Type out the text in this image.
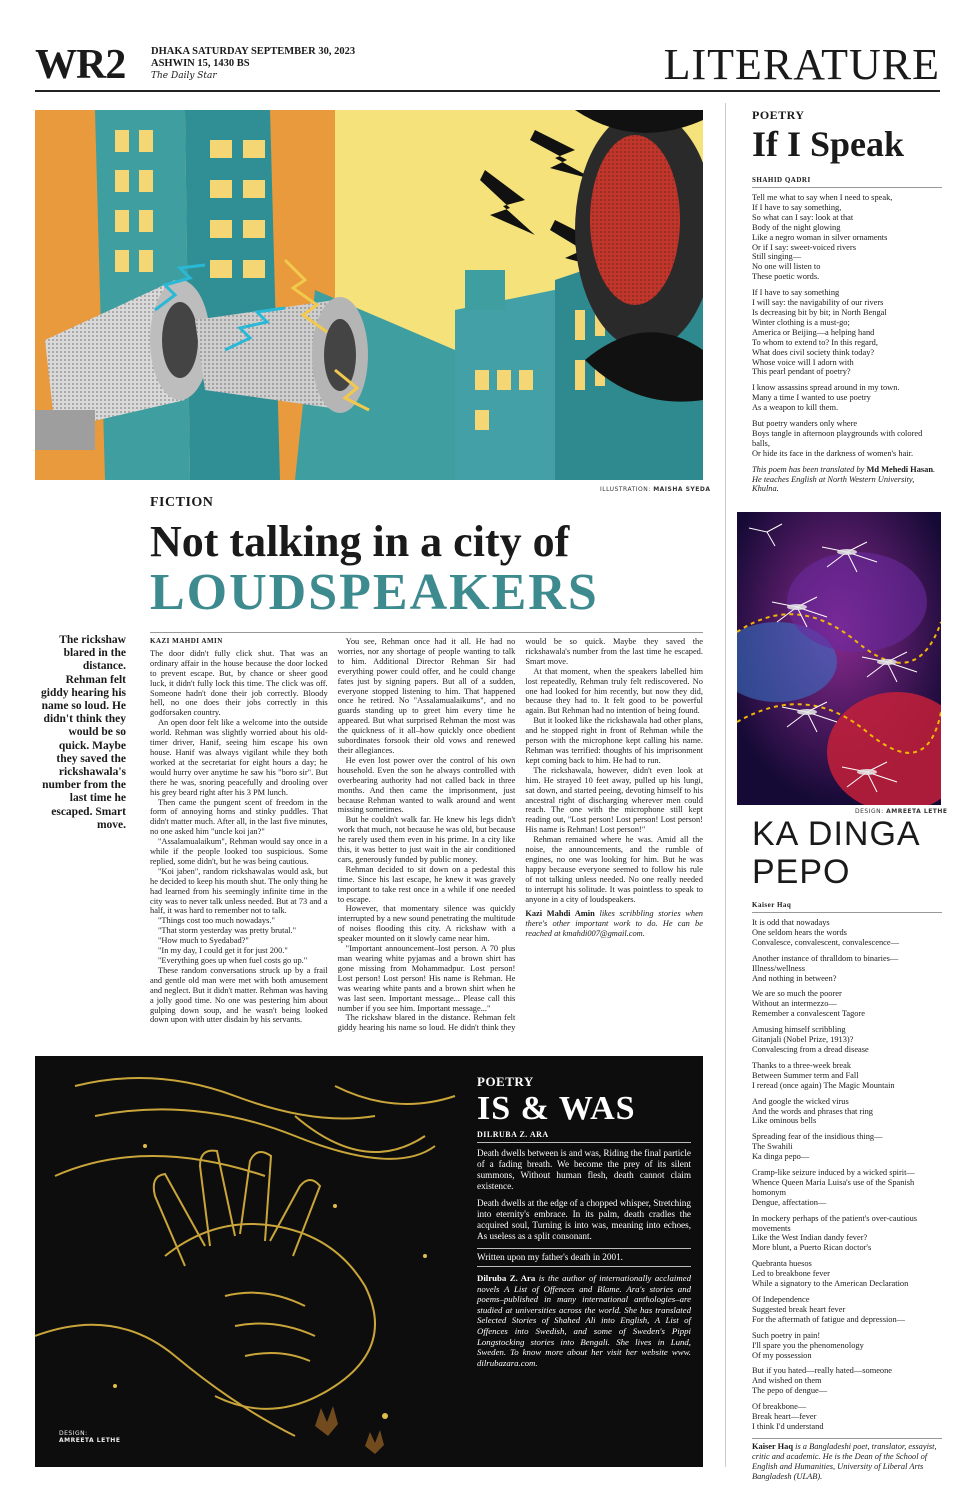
WR2 DHAKA SATURDAY SEPTEMBER 30, 2023
ASHWIN 15, 1430 BS
The Daily Star	LITERATURE
ILLUSTRATION: MAISHA SYEDA
FICTION
Not talking in a city of
LOUDSPEAKERS
The rickshaw blared in the distance. Rehman felt giddy hearing his name so loud. He didn't think they would be so quick. Maybe they saved the rickshawala's number from the last time he escaped. Smart move.
KAZI MAHDI AMIN

The door didn't fully click shut. That was an ordinary affair in the house because the door locked to prevent escape. But, by chance or sheer good luck, it didn't fully lock this time. The click was off. Someone hadn't done their job correctly. Bloody hell, no one does their jobs correctly in this godforsaken country.

An open door felt like a welcome into the outside world. Rehman was slightly worried about his old-timer driver, Hanif, seeing him escape his own house. Hanif was always vigilant while they both worked at the secretariat for eight hours a day; he would hurry over anytime he saw his "boro sir". But there he was, snoring peacefully and drooling over his grey beard right after his 3 PM lunch.

Then came the pungent scent of freedom in the form of annoying horns and stinky puddles. That didn't matter much. After all, in the last five minutes, no one asked him "uncle koi jan?"

"Assalamualaikum", Rehman would say once in a while if the people looked too suspicious. Some replied, some didn't, but he was being cautious.

"Koi jaben", random rickshawalas would ask, but he decided to keep his mouth shut. The only thing he had learned from his seemingly infinite time in the city was to never talk unless needed. But at 73 and a half, it was hard to remember not to talk.

"Things cost too much nowadays."

"That storm yesterday was pretty brutal."

"How much to Syedabad?"

"In my day, I could get it for just 200."

"Everything goes up when fuel costs go up."

These random conversations struck up by a frail and gentle old man were met with both amusement and neglect. But it didn't matter. Rehman was having a jolly good time. No one was pestering him about gulping down soup, and he wasn't being looked down upon with utter disdain by his servants.

You see, Rehman once had it all. He had no worries, nor any shortage of people wanting to talk to him. Additional Director Rehman Sir had everything power could offer, and he could change fates just by signing papers. But all of a sudden, everyone stopped listening to him. That happened once he retired. No "Assalamualaikums", and no guards standing up to greet him every time he appeared. But what surprised Rehman the most was the quickness of it all–how quickly once obedient subordinates forsook their old vows and renewed their allegiances.

He even lost power over the control of his own household. Even the son he always controlled with overbearing authority had not called back in three months. And then came the imprisonment, just because Rehman wanted to walk around and went missing sometimes.

But he couldn't walk far. He knew his legs didn't work that much, not because he was old, but because he rarely used them even in his prime. In a city like this, it was better to just wait in the air conditioned cars, generously funded by public money.

Rehman decided to sit down on a pedestal this time. Since his last escape, he knew it was gravely important to take rest once in a while if one needed to escape.

However, that momentary silence was quickly interrupted by a new sound penetrating the multitude of noises flooding this city. A rickshaw with a speaker mounted on it slowly came near him.

"Important announcement–lost person. A 70 plus man wearing white pyjamas and a brown shirt has gone missing from Mohammadpur. Lost person! Lost person! Lost person! His name is Rehman. He was wearing white pants and a brown shirt when he was last seen. Important message... Please call this number if you see him. Important message..."

The rickshaw blared in the distance. Rehman felt giddy hearing his name so loud. He didn't think they would be so quick. Maybe they saved the rickshawala's number from the last time he escaped. Smart move.

At that moment, when the speakers labelled him lost repeatedly, Rehman truly felt rediscovered. No one had looked for him recently, but now they did, because they had to. It felt good to be powerful again. But Rehman had no intention of being found.

But it looked like the rickshawala had other plans, and he stopped right in front of Rehman while the person with the microphone kept calling his name. Rehman was terrified: thoughts of his imprisonment kept coming back to him. He had to run.

The rickshawala, however, didn't even look at him. He strayed 10 feet away, pulled up his lungi, sat down, and started peeing, devoting himself to his ancestral right of discharging wherever men could reach. The one with the microphone still kept reading out, "Lost person! Lost person! Lost person! His name is Rehman! Lost person!"

Rehman remained where he was. Amid all the noise, the announcements, and the rumble of engines, no one was looking for him. But he was happy because everyone seemed to follow his rule of not talking unless needed. No one really needed to interrupt his solitude. It was pointless to speak to anyone in a city of loudspeakers.

Kazi Mahdi Amin likes scribbling stories when there's other important work to do. He can be reached at kmahdi007@gmail.com.

POETRY
IS & WAS
DILRUBA Z. ARA

Death dwells between is and was, Riding the final particle of a fading breath. We become the prey of its silent summons, Without human flesh, death cannot claim existence.

Death dwells at the edge of a chopped whisper, Stretching into eternity's embrace. In its palm, death cradles the acquired soul, Turning is into was, meaning into echoes, As useless as a split consonant.

Written upon my father's death in 2001.

Dilruba Z. Ara is the author of internationally acclaimed novels A List of Offences and Blame. Ara's stories and poems–published in many international anthologies–are studied at universities across the world. She has translated Selected Stories of Shahed Ali into English, A List of Offences into Swedish, and some of Sweden's Pippi Longstocking stories into Bengali. She lives in Lund, Sweden. To know more about her visit her website www. dilrubazara.com.

DESIGN:
AMREETA LETHE
POETRY
If I Speak
SHAHID QADRI
Tell me what to say when I need to speak,
If I have to say something,
So what can I say: look at that
Body of the night glowing
Like a negro woman in silver ornaments
Or if I say: sweet-voiced rivers
Still singing—
No one will listen to
These poetic words.
If I have to say something
I will say: the navigability of our rivers
Is decreasing bit by bit; in North Bengal
Winter clothing is a must-go;
America or Beijing—a helping hand
To whom to extend to? In this regard,
What does civil society think today?
Whose voice will I adorn with
This pearl pendant of poetry?
I know assassins spread around in my town.
Many a time I wanted to use poetry
As a weapon to kill them.
But poetry wanders only where
Boys tangle in afternoon playgrounds with colored balls,
Or hide its face in the darkness of women's hair.

This poem has been translated by Md Mehedi Hasan. He teaches English at North Western University, Khulna.

DESIGN: AMREETA LETHE
KA DINGA
PEPO
Kaiser Haq
It is odd that nowadays
One seldom hears the words
Convalesce, convalescent, convalescence—
Another instance of thralldom to binaries—
Illness/wellness
And nothing in between?
We are so much the poorer
Without an intermezzo—
Remember a convalescent Tagore
Amusing himself scribbling
Gitanjali (Nobel Prize, 1913)?
Convalescing from a dread disease
Thanks to a three-week break
Between Summer term and Fall
I reread (once again) The Magic Mountain
And google the wicked virus
And the words and phrases that ring
Like ominous bells
Spreading fear of the insidious thing—
The Swahili
Ka dinga pepo—
Cramp-like seizure induced by a wicked spirit—
Whence Queen Maria Luisa's use of the Spanish homonym
Dengue, affectation—
In mockery perhaps of the patient's over-cautious movements
Like the West Indian dandy fever?
More blunt, a Puerto Rican doctor's
Quebranta huesos
Led to breakbone fever
While a signatory to the American Declaration
Of Independence
Suggested break heart fever
For the aftermath of fatigue and depression—
Such poetry in pain!
I'll spare you the phenomenology
Of my possession
But if you hated—really hated—someone
And wished on them
The pepo of dengue—
Of breakbone—
Break heart—fever
I think I'd understand

Kaiser Haq is a Bangladeshi poet, translator, essayist, critic and academic. He is the Dean of the School of English and Humanities, University of Liberal Arts Bangladesh (ULAB).
